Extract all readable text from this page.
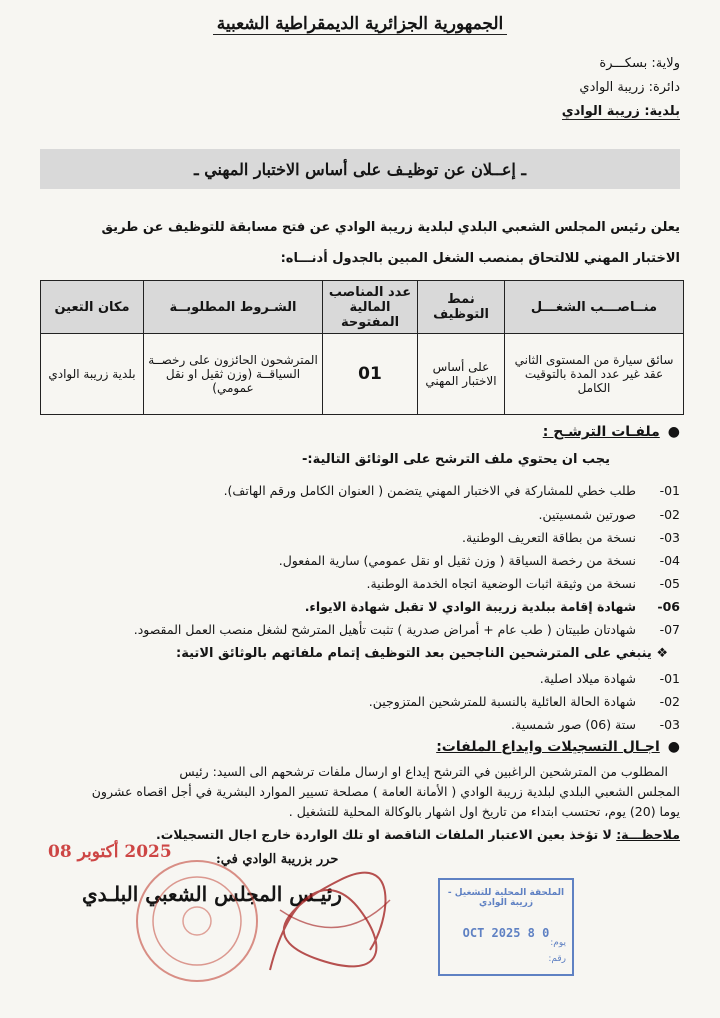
الجمهورية الجزائرية الديمقراطية الشعبية
ولاية: بسكـــرة
دائرة: زريبة الوادي
بلدية: زريبة الوادي
ـ إعــلان عن توظيـف على أساس الاختبار المهني ـ
يعلن رئيس المجلس الشعبي البلدي لبلدية زريبة الوادي عن فتح مسابقة للتوظيف عن طريق
الاختبار المهني للالتحاق بمنصب الشغل المبين بالجدول أدنـــاه:
منــاصـــب الشغـــل	نمط التوظيف	عدد المناصب المالية المفتوحة	الشـروط المطلوبــة	مكان التعين
سائق سيارة من المستوى الثاني عقد غير عدد المدة بالتوقيت الكامل	على أساس الاختبار المهني	01	المترشحون الحائزون على رخصــة السياقــة (وزن ثقيل او نقل عمومي)	بلدية زريبة الوادي
●ملفـات الترشـح :
يجب ان يحتوي ملف الترشح على الوثائق التالية:-
01-
طلب خطي للمشاركة في الاختبار المهني يتضمن ( العنوان الكامل ورقم الهاتف).
02-
صورتين شمسيتين.
03-
نسخة من بطاقة التعريف الوطنية.
04-
نسخة من رخصة السياقة ( وزن ثقيل او نقل عمومي) سارية المفعول.
05-
نسخة من وثيقة اثبات الوضعية اتجاه الخدمة الوطنية.
06-
شهادة إقامة ببلدية زريبة الوادي لا تقبل شهادة الايواء.
07-
شهادتان طبيتان ( طب عام + أمراض صدرية ) تثبت تأهيل المترشح لشغل منصب العمل المقصود.
❖ ينبغي على المترشحين الناجحين بعد التوظيف إتمام ملفاتهم بالوثائق الاتية:
01-
شهادة ميلاد اصلية.
02-
شهادة الحالة العائلية بالنسبة للمترشحين المتزوجين.
03-
ستة (06) صور شمسية.
●اجـال التسجيلات وايداع الملفات:
المطلوب من المترشحين الراغبين في الترشح إيداع او ارسال ملفات ترشحهم الى السيد: رئيس
المجلس الشعبي البلدي لبلدية زريبة الوادي ( الأمانة العامة ) مصلحة تسيير الموارد البشرية في أجل اقصاه عشرون
يوما (20) يوم، تحتسب ابتداء من تاريخ اول اشهار بالوكالة المحلية للتشغيل .
ملاحظـــة: لا تؤخذ بعين الاعتبار الملفات الناقصة او تلك الواردة خارج اجال التسجيلات.
2025 أكتوبر 08	حرر بزريبة الوادي في:
رئيـس المجلس الشعبي البلـدي	الملحقة المحلية للتشغيل - زريبة الوادي
0 8 OCT 2025
يوم:
رقم:
